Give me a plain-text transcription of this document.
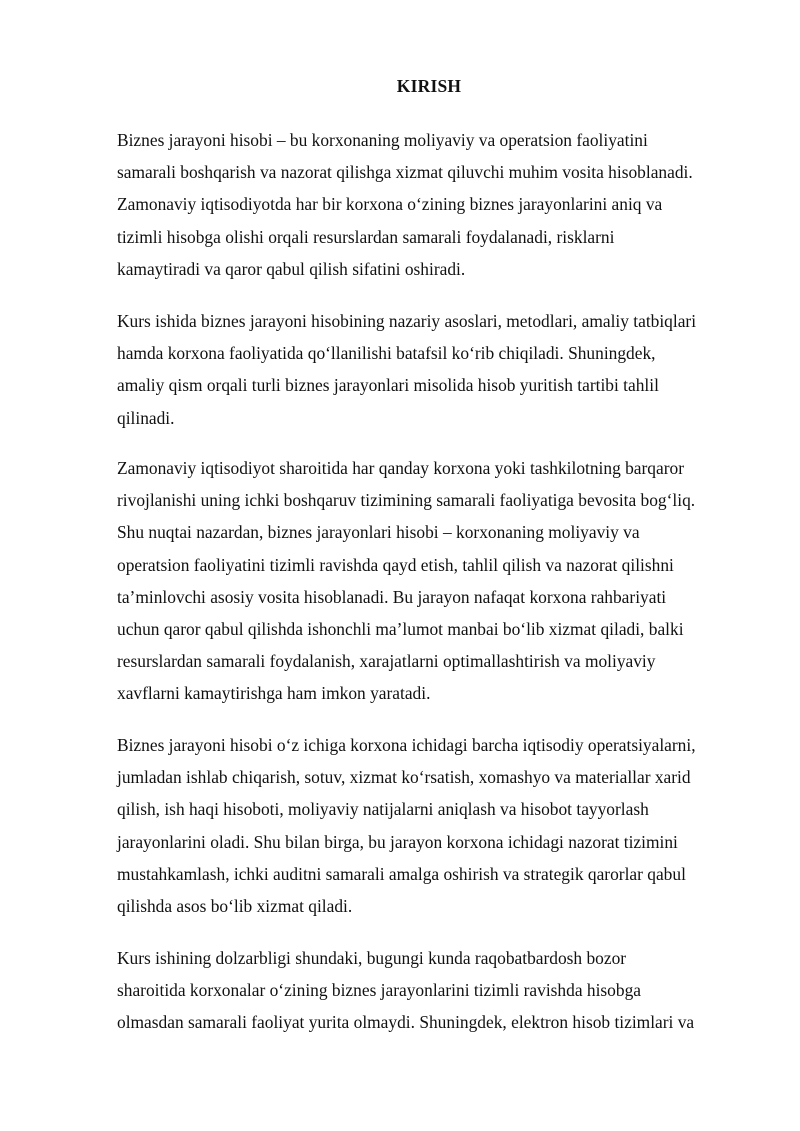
KIRISH
Biznes jarayoni hisobi – bu korxonaning moliyaviy va operatsion faoliyatini
samarali boshqarish va nazorat qilishga xizmat qiluvchi muhim vosita hisoblanadi.
Zamonaviy iqtisodiyotda har bir korxona o‘zining biznes jarayonlarini aniq va
tizimli hisobga olishi orqali resurslardan samarali foydalanadi, risklarni
kamaytiradi va qaror qabul qilish sifatini oshiradi.
Kurs ishida biznes jarayoni hisobining nazariy asoslari, metodlari, amaliy tatbiqlari
hamda korxona faoliyatida qo‘llanilishi batafsil ko‘rib chiqiladi. Shuningdek,
amaliy qism orqali turli biznes jarayonlari misolida hisob yuritish tartibi tahlil
qilinadi.
Zamonaviy iqtisodiyot sharoitida har qanday korxona yoki tashkilotning barqaror
rivojlanishi uning ichki boshqaruv tizimining samarali faoliyatiga bevosita bog‘liq.
Shu nuqtai nazardan, biznes jarayonlari hisobi – korxonaning moliyaviy va
operatsion faoliyatini tizimli ravishda qayd etish, tahlil qilish va nazorat qilishni
ta’minlovchi asosiy vosita hisoblanadi. Bu jarayon nafaqat korxona rahbariyati
uchun qaror qabul qilishda ishonchli ma’lumot manbai bo‘lib xizmat qiladi, balki
resurslardan samarali foydalanish, xarajatlarni optimallashtirish va moliyaviy
xavflarni kamaytirishga ham imkon yaratadi.
Biznes jarayoni hisobi o‘z ichiga korxona ichidagi barcha iqtisodiy operatsiyalarni,
jumladan ishlab chiqarish, sotuv, xizmat ko‘rsatish, xomashyo va materiallar xarid
qilish, ish haqi hisoboti, moliyaviy natijalarni aniqlash va hisobot tayyorlash
jarayonlarini oladi. Shu bilan birga, bu jarayon korxona ichidagi nazorat tizimini
mustahkamlash, ichki auditni samarali amalga oshirish va strategik qarorlar qabul
qilishda asos bo‘lib xizmat qiladi.
Kurs ishining dolzarbligi shundaki, bugungi kunda raqobatbardosh bozor
sharoitida korxonalar o‘zining biznes jarayonlarini tizimli ravishda hisobga
olmasdan samarali faoliyat yurita olmaydi. Shuningdek, elektron hisob tizimlari va
